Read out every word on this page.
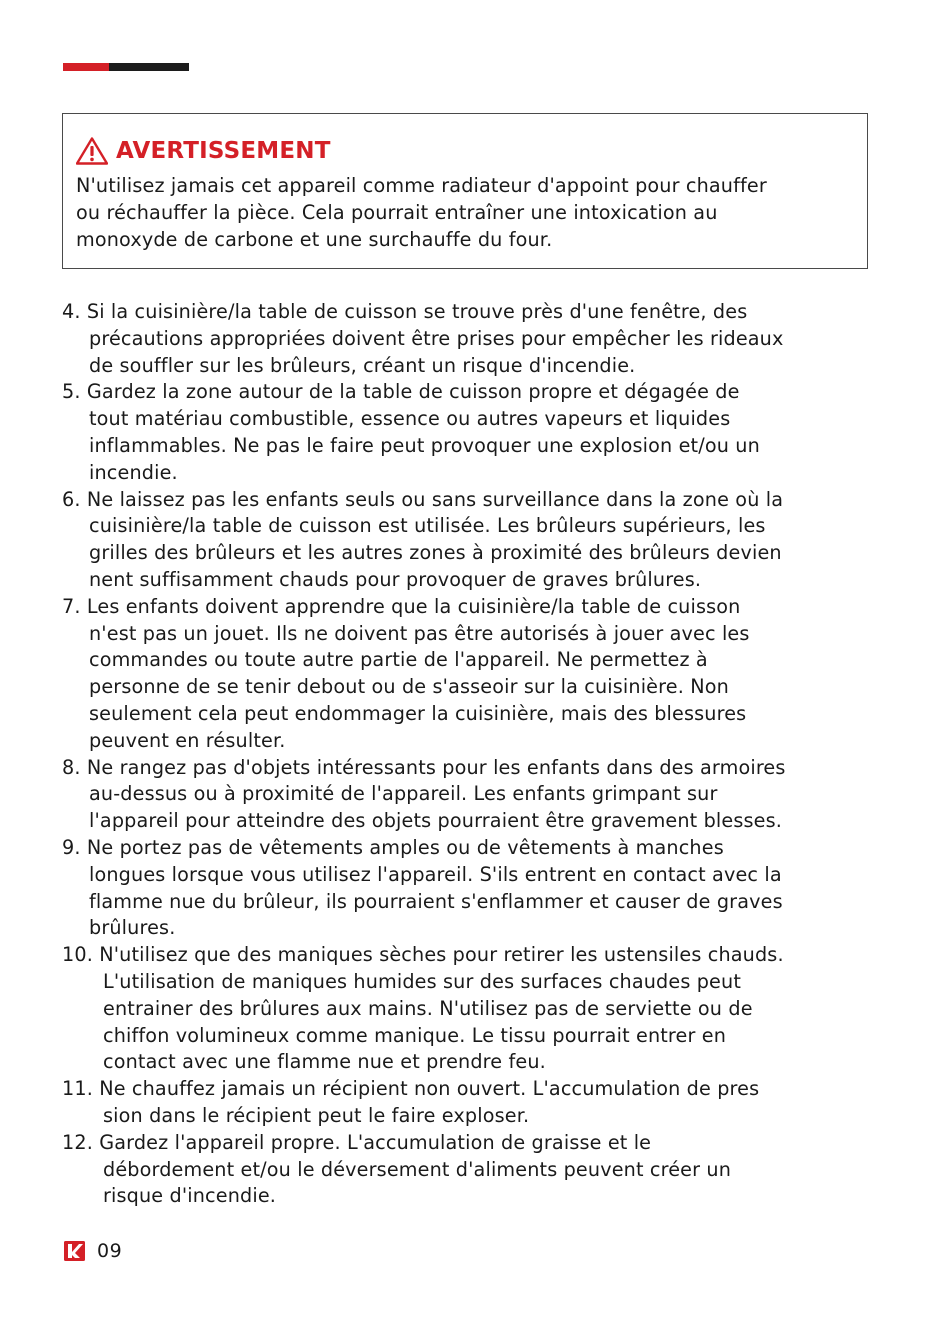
AVERTISSEMENT
N'utilisez jamais cet appareil comme radiateur d'appoint pour chauffer
ou réchauffer la pièce. Cela pourrait entraîner une intoxication au
monoxyde de carbone et une surchauffe du four.
4. Si la cuisinière/la table de cuisson se trouve près d'une fenêtre, des
précautions appropriées doivent être prises pour empêcher les rideaux
de souffler sur les brûleurs, créant un risque d'incendie.
5. Gardez la zone autour de la table de cuisson propre et dégagée de
tout matériau combustible, essence ou autres vapeurs et liquides
inflammables. Ne pas le faire peut provoquer une explosion et/ou un
incendie.
6. Ne laissez pas les enfants seuls ou sans surveillance dans la zone où la
cuisinière/la table de cuisson est utilisée. Les brûleurs supérieurs, les
grilles des brûleurs et les autres zones à proximité des brûleurs devien
nent suffisamment chauds pour provoquer de graves brûlures.
7. Les enfants doivent apprendre que la cuisinière/la table de cuisson
n'est pas un jouet. Ils ne doivent pas être autorisés à jouer avec les
commandes ou toute autre partie de l'appareil. Ne permettez à
personne de se tenir debout ou de s'asseoir sur la cuisinière. Non
seulement cela peut endommager la cuisinière, mais des blessures
peuvent en résulter.
8. Ne rangez pas d'objets intéressants pour les enfants dans des armoires
au-dessus ou à proximité de l'appareil. Les enfants grimpant sur
l'appareil pour atteindre des objets pourraient être gravement blesses.
9. Ne portez pas de vêtements amples ou de vêtements à manches
longues lorsque vous utilisez l'appareil. S'ils entrent en contact avec la
flamme nue du brûleur, ils pourraient s'enflammer et causer de graves
brûlures.
10. N'utilisez que des maniques sèches pour retirer les ustensiles chauds.
L'utilisation de maniques humides sur des surfaces chaudes peut
entrainer des brûlures aux mains. N'utilisez pas de serviette ou de
chiffon volumineux comme manique. Le tissu pourrait entrer en
contact avec une flamme nue et prendre feu.
11. Ne chauffez jamais un récipient non ouvert. L'accumulation de pres
sion dans le récipient peut le faire exploser.
12. Gardez l'appareil propre. L'accumulation de graisse et le
débordement et/ou le déversement d'aliments peuvent créer un
risque d'incendie.
09
